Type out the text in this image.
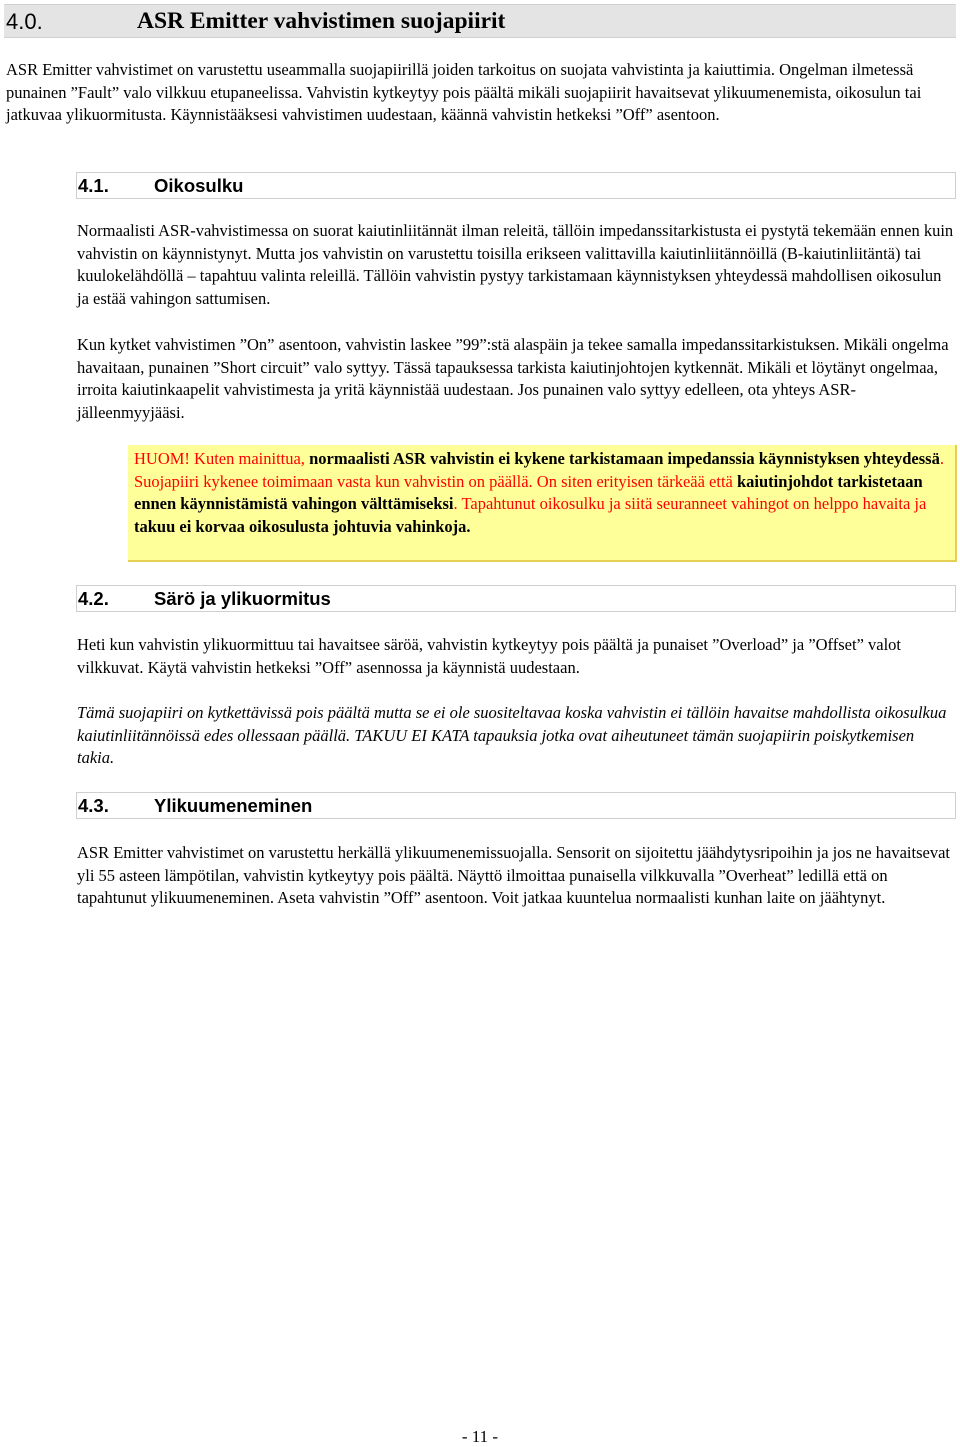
4.0.	ASR Emitter vahvistimen suojapiirit

ASR Emitter vahvistimet on varustettu useammalla suojapiirillä joiden tarkoitus on suojata vahvistinta ja kaiuttimia. Ongelman ilmetessä punainen ”Fault” valo vilkkuu etupaneelissa. Vahvistin kytkeytyy pois päältä mikäli suojapiirit havaitsevat ylikuumenemista, oikosulun tai jatkuvaa ylikuormitusta. Käynnistääksesi vahvistimen uudestaan, käännä vahvistin hetkeksi ”Off” asentoon.

4.1. Oikosulku

Normaalisti ASR-vahvistimessa on suorat kaiutinliitännät ilman releitä, tällöin impedanssitarkistusta ei pystytä tekemään ennen kuin vahvistin on käynnistynyt. Mutta jos vahvistin on varustettu toisilla erikseen valittavilla kaiutinliitännöillä (B-kaiutinliitäntä) tai kuulokelähdöllä – tapahtuu valinta releillä. Tällöin vahvistin pystyy tarkistamaan käynnistyksen yhteydessä mahdollisen oikosulun ja estää vahingon sattumisen.

Kun kytket vahvistimen ”On” asentoon, vahvistin laskee ”99”:stä alaspäin ja tekee samalla impedanssitarkistuksen. Mikäli ongelma havaitaan, punainen ”Short circuit” valo syttyy. Tässä tapauksessa tarkista kaiutinjohtojen kytkennät. Mikäli et löytänyt ongelmaa, irroita kaiutinkaapelit vahvistimesta ja yritä käynnistää uudestaan. Jos punainen valo syttyy edelleen, ota yhteys ASR-jälleenmyyjääsi.

HUOM! Kuten mainittua, normaalisti ASR vahvistin ei kykene tarkistamaan impedanssia käynnistyksen yhteydessä. Suojapiiri kykenee toimimaan vasta kun vahvistin on päällä. On siten erityisen tärkeää että kaiutinjohdot tarkistetaan ennen käynnistämistä vahingon välttämiseksi. Tapahtunut oikosulku ja siitä seuranneet vahingot on helppo havaita ja takuu ei korvaa oikosulusta johtuvia vahinkoja.

4.2. Särö ja ylikuormitus

Heti kun vahvistin ylikuormittuu tai havaitsee säröä, vahvistin kytkeytyy pois päältä ja punaiset ”Overload” ja ”Offset” valot vilkkuvat. Käytä vahvistin hetkeksi ”Off” asennossa ja käynnistä uudestaan.

Tämä suojapiiri on kytkettävissä pois päältä mutta se ei ole suositeltavaa koska vahvistin ei tällöin havaitse mahdollista oikosulkua kaiutinliitännöissä edes ollessaan päällä. TAKUU EI KATA tapauksia jotka ovat aiheutuneet tämän suojapiirin poiskytkemisen takia.

4.3. Ylikuumeneminen

ASR Emitter vahvistimet on varustettu herkällä ylikuumenemissuojalla. Sensorit on sijoitettu jäähdytysripoihin ja jos ne havaitsevat yli 55 asteen lämpötilan, vahvistin kytkeytyy pois päältä. Näyttö ilmoittaa punaisella vilkkuvalla ”Overheat” ledillä että on tapahtunut ylikuumeneminen. Aseta vahvistin ”Off” asentoon. Voit jatkaa kuuntelua normaalisti kunhan laite on jäähtynyt.

- 11 -
